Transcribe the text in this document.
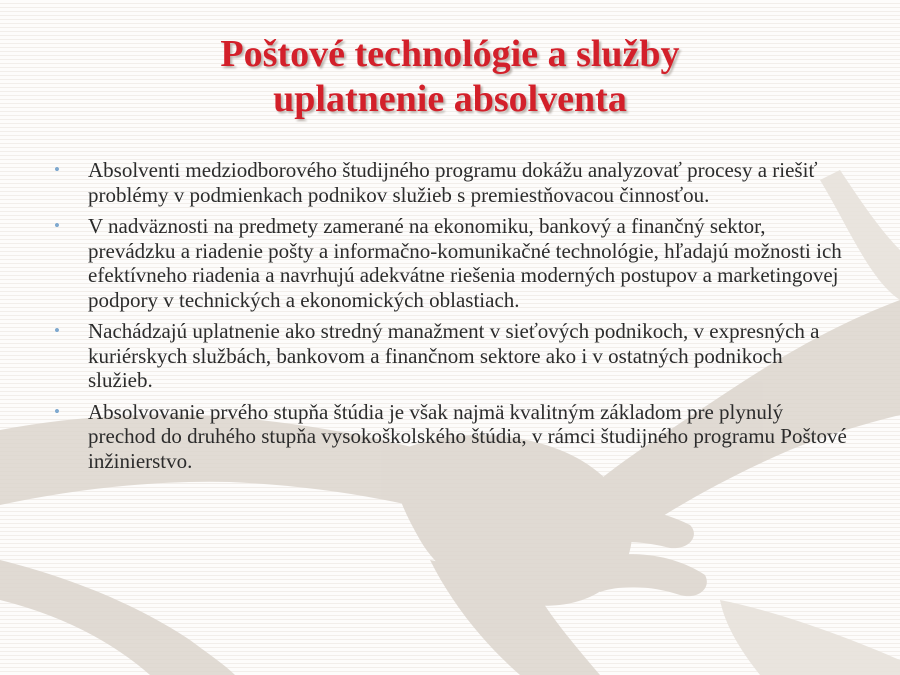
Poštové technológie a služby
uplatnenie absolventa
• Absolventi medziodborového študijného programu dokážu analyzovať procesy a riešiť problémy v podmienkach podnikov služieb s premiestňovacou činnosťou.
• V nadväznosti na predmety zamerané na ekonomiku, bankový a finančný sektor, prevádzku a riadenie pošty a informačno-komunikačné technológie, hľadajú možnosti ich efektívneho riadenia a navrhujú adekvátne riešenia moderných postupov a marketingovej podpory v technických a ekonomických oblastiach.
• Nachádzajú uplatnenie ako stredný manažment v sieťových podnikoch, v expresných a kuriérskych službách, bankovom a finančnom sektore ako i v ostatných podnikoch služieb.
• Absolvovanie prvého stupňa štúdia je však najmä kvalitným základom pre plynulý prechod do druhého stupňa vysokoškolského štúdia, v rámci študijného programu Poštové inžinierstvo.
